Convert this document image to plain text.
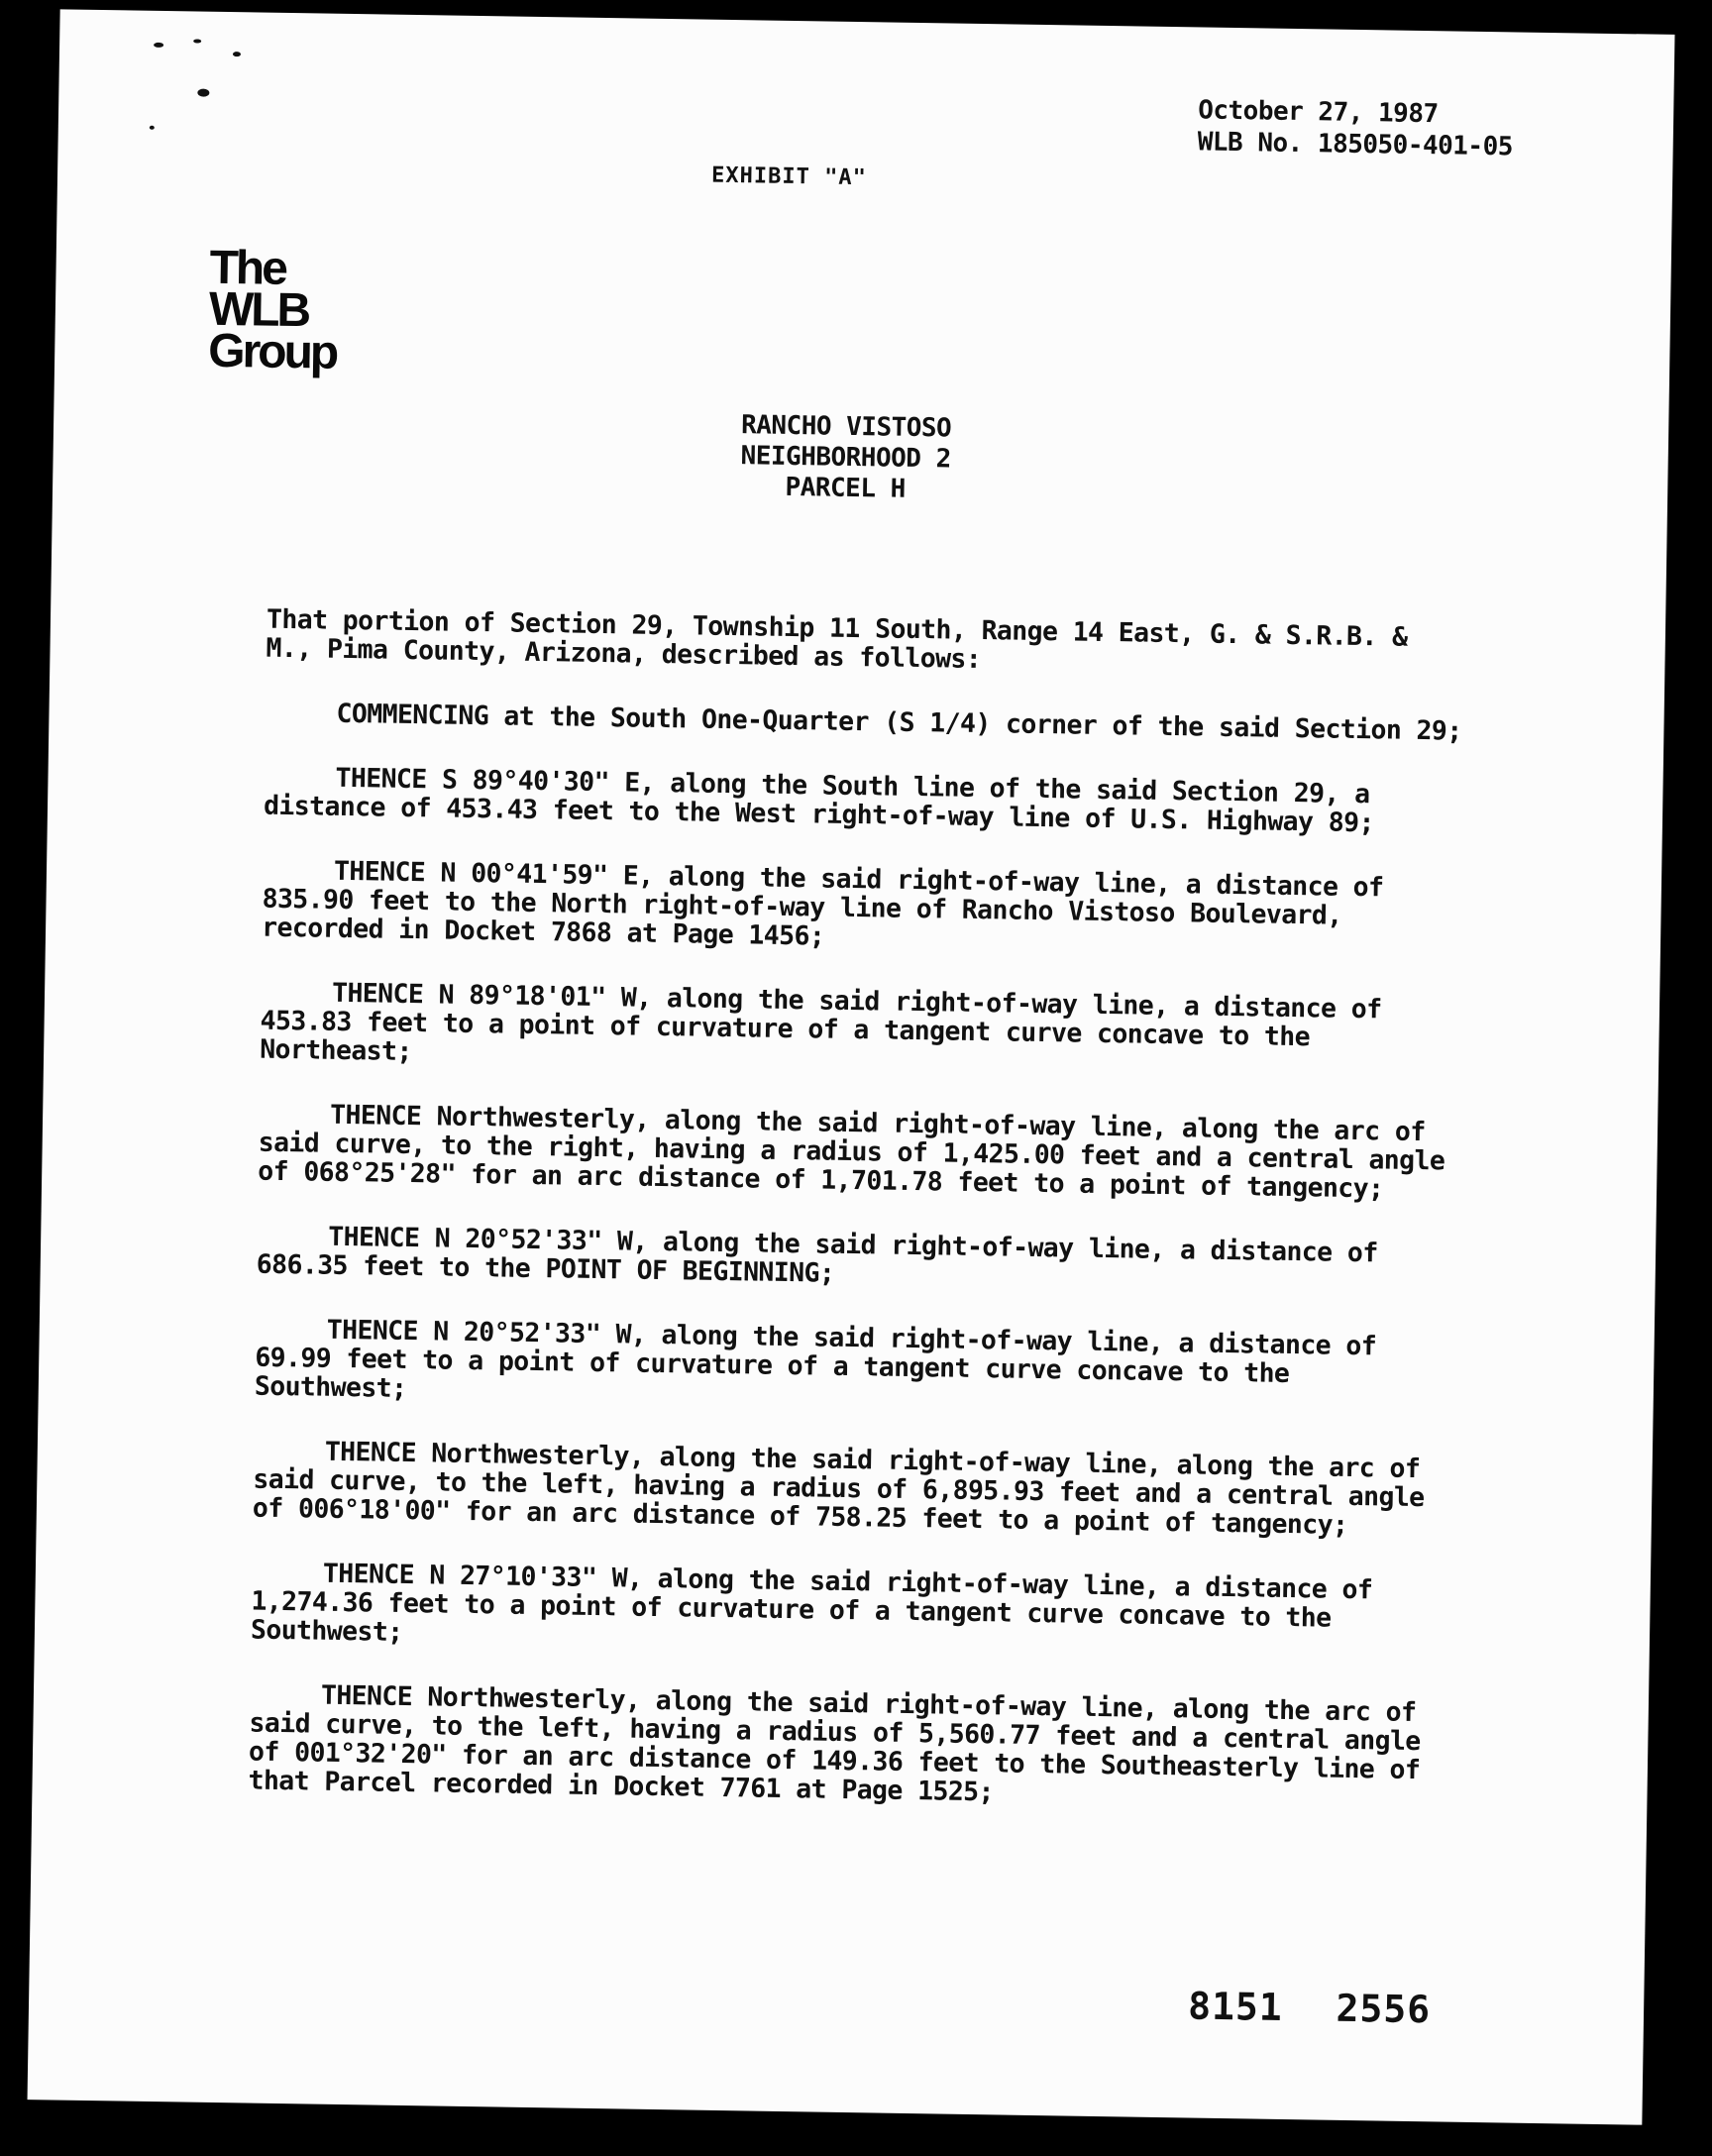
October 27, 1987
WLB No. 185050-401-05
EXHIBIT "A"
The
WLB
Group
RANCHO VISTOSO
NEIGHBORHOOD 2
PARCEL H

That portion of Section 29, Township 11 South, Range 14 East, G. & S.R.B. & M., Pima County, Arizona, described as follows:

COMMENCING at the South One-Quarter (S 1/4) corner of the said Section 29;

THENCE S 89°40'30" E, along the South line of the said Section 29, a distance of 453.43 feet to the West right-of-way line of U.S. Highway 89;

THENCE N 00°41'59" E, along the said right-of-way line, a distance of 835.90 feet to the North right-of-way line of Rancho Vistoso Boulevard, recorded in Docket 7868 at Page 1456;

THENCE N 89°18'01" W, along the said right-of-way line, a distance of 453.83 feet to a point of curvature of a tangent curve concave to the Northeast;

THENCE Northwesterly, along the said right-of-way line, along the arc of said curve, to the right, having a radius of 1,425.00 feet and a central angle of 068°25'28" for an arc distance of 1,701.78 feet to a point of tangency;

THENCE N 20°52'33" W, along the said right-of-way line, a distance of 686.35 feet to the POINT OF BEGINNING;

THENCE N 20°52'33" W, along the said right-of-way line, a distance of 69.99 feet to a point of curvature of a tangent curve concave to the Southwest;

THENCE Northwesterly, along the said right-of-way line, along the arc of said curve, to the left, having a radius of 6,895.93 feet and a central angle of 006°18'00" for an arc distance of 758.25 feet to a point of tangency;

THENCE N 27°10'33" W, along the said right-of-way line, a distance of 1,274.36 feet to a point of curvature of a tangent curve concave to the Southwest;

THENCE Northwesterly, along the said right-of-way line, along the arc of said curve, to the left, having a radius of 5,560.77 feet and a central angle of 001°32'20" for an arc distance of 149.36 feet to the Southeasterly line of that Parcel recorded in Docket 7761 at Page 1525;

8151 2556
